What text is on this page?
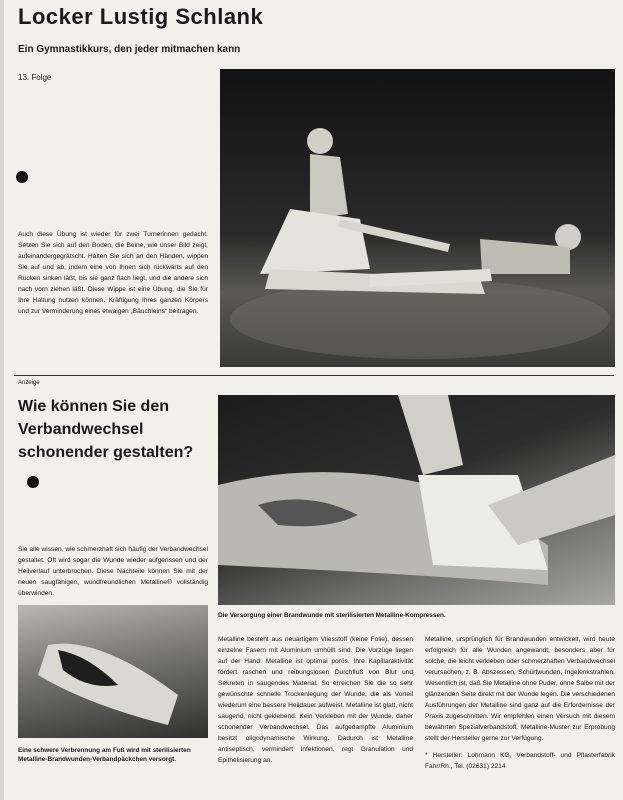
Locker Lustig Schlank
Ein Gymnastikkurs, den jeder mitmachen kann
13. Folge
Auch diese Übung ist wieder für zwei Turnerinnen gedacht. Setzen Sie sich auf den Boden, die Beine, wie unser Bild zeigt, aufeinandergegrätscht. Halten Sie sich an den Händen, wippen Sie auf und ab, indem eine von Ihnen sich rückwärts auf den Rücken sinken läßt, bis sie ganz flach liegt, und die andere sich nach vorn ziehen läßt. Diese Wippe ist eine Übung, die Sie für Ihre Haltung nutzen können. Kräftigung Ihres ganzen Körpers und zur Verminderung eines etwaigen „Bäuchleins“ beitragen.
Anzeige
Wie können Sie den Verbandwechsel schonender gestalten?
Die Versorgung einer Brandwunde mit sterilisierten Metalline-Kompressen.
Sie alle wissen, wie schmerzhaft sich häufig der Verbandwechsel gestaltet. Oft wird sogar die Wunde wieder aufgerissen und der Heilverlauf unterbrochen. Diese Nachteile können Sie mit der neuen saugfähigen, wundfreundlichen Metalline® vollständig überwinden.
Eine schwere Verbrennung am Fuß wird mit sterilisierten Metalline-Brandwunden-Verbandpäckchen versorgt.
Metalline besteht aus neuartigem Vliesstoff (keine Folie), dessen einzelne Fasern mit Aluminium umhüllt sind. Die Vorzüge liegen auf der Hand: Metalline ist optimal porös. Ihre Kapillaraktivität fördert raschen und reibungslosen Durchfluß von Blut und Sekreten in saugendes Material. So erreichen Sie die so sehr gewünschte schnelle Trockenlegung der Wunde, die als Vorteil wiederum eine bessere Heildauer aufweist. Metalline ist glatt, nicht saugend, nicht geklebend. Kein Verkleben mit der Wunde, daher schonender Verbandwechsel. Das aufgedampfte Aluminium besitzt oligodynamische Wirkung. Dadurch ist Metalline antiseptisch, vermindert Infektionen, regt Granulation und Epithelisierung an.
Metalline, ursprünglich für Brandwunden entwickelt, wird heute erfolgreich für alle Wunden angewandt, besonders aber für solche, die leicht verkleben oder schmerzhaften Verbandwechsel verursachen, z. B. Abszessen, Schürfwunden, Ingelenkstrahlen. Wesentlich ist, daß Sie Metalline ohne Puder, ohne Salbe mit der glänzenden Seite direkt mit der Wunde legen. Die verschiedenen Ausführungen der Metalline sind ganz auf die Erfordernisse der Praxis zugeschnitten. Wir empfehlen einen Versuch mit diesem bewährten Spezialverbandstoff. Metalline-Muster zur Erprobung stellt der Hersteller gerne zur Verfügung.
* Hersteller: Lohmann KG, Verbandstoff- und Pflasterfabrik Fahr/Rh., Tel. (02631) 2214
